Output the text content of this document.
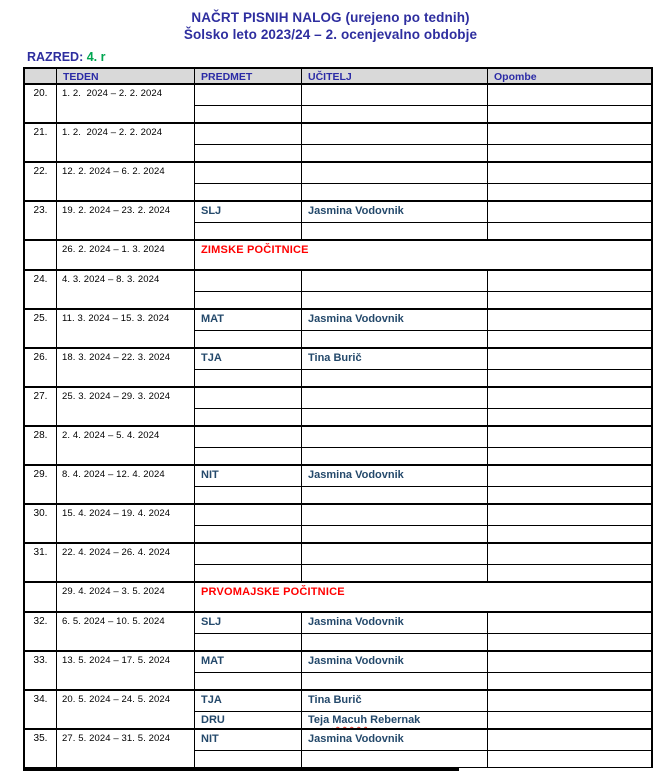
NAČRT PISNIH NALOG (urejeno po tednih)
Šolsko leto 2023/24 – 2. ocenjevalno obdobje
RAZRED: 4. r
TEDEN	PREDMET	UČITELJ	Opombe
20.	1. 2.  2024 – 2. 2. 2024
21.	1. 2.  2024 – 2. 2. 2024
22.	12. 2. 2024 – 6. 2. 2024
23.	19. 2. 2024 – 23. 2. 2024	SLJ	Jasmina Vodovnik
26. 2. 2024 – 1. 3. 2024	ZIMSKE POČITNICE
24.	4. 3. 2024 – 8. 3. 2024
25.	11. 3. 2024 – 15. 3. 2024	MAT	Jasmina Vodovnik
26.	18. 3. 2024 – 22. 3. 2024	TJA	Tina Burič
27.	25. 3. 2024 – 29. 3. 2024
28.	2. 4. 2024 – 5. 4. 2024
29.	8. 4. 2024 – 12. 4. 2024	NIT	Jasmina Vodovnik
30.	15. 4. 2024 – 19. 4. 2024
31.	22. 4. 2024 – 26. 4. 2024
29. 4. 2024 – 3. 5. 2024	PRVOMAJSKE POČITNICE
32.	6. 5. 2024 – 10. 5. 2024	SLJ	Jasmina Vodovnik
33.	13. 5. 2024 – 17. 5. 2024	MAT	Jasmina Vodovnik
34.	20. 5. 2024 – 24. 5. 2024	TJA	Tina Burič
DRU	Teja Macuh Rebernak
35.	27. 5. 2024 – 31. 5. 2024	NIT	Jasmina Vodovnik
